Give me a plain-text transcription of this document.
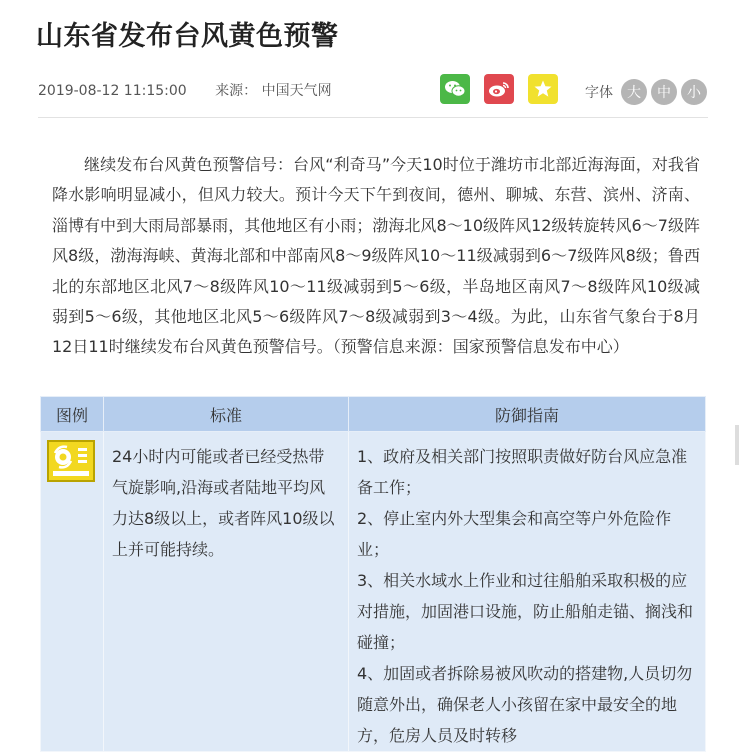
山东省发布台风黄色预警
2019-08-12 11:15:00 来源： 中国天气网	字体	大	中	小

继续发布台风黄色预警信号：台风“利奇马”今天10时位于潍坊市北部近海海面，对我省降水影响明显减小，但风力较大。预计今天下午到夜间，德州、聊城、东营、滨州、济南、淄博有中到大雨局部暴雨，其他地区有小雨；渤海北风8～10级阵风12级转旋转风6～7级阵风8级，渤海海峡、黄海北部和中部南风8～9级阵风10～11级减弱到6～7级阵风8级；鲁西北的东部地区北风7～8级阵风10～11级减弱到5～6级，半岛地区南风7～8级阵风10级减弱到5～6级，其他地区北风5～6级阵风7～8级减弱到3～4级。为此，山东省气象台于8月12日11时继续发布台风黄色预警信号。（预警信息来源：国家预警信息发布中心）

图例	标准	防御指南

	24小时内可能或者已经受热带气旋影响,沿海或者陆地平均风力达8级以上，或者阵风10级以上并可能持续。	1、政府及相关部门按照职责做好防台风应急准备工作；
2、停止室内外大型集会和高空等户外危险作业；
3、相关水域水上作业和过往船舶采取积极的应对措施，加固港口设施，防止船舶走锚、搁浅和碰撞；
4、加固或者拆除易被风吹动的搭建物,人员切勿随意外出，确保老人小孩留在家中最安全的地方，危房人员及时转移
